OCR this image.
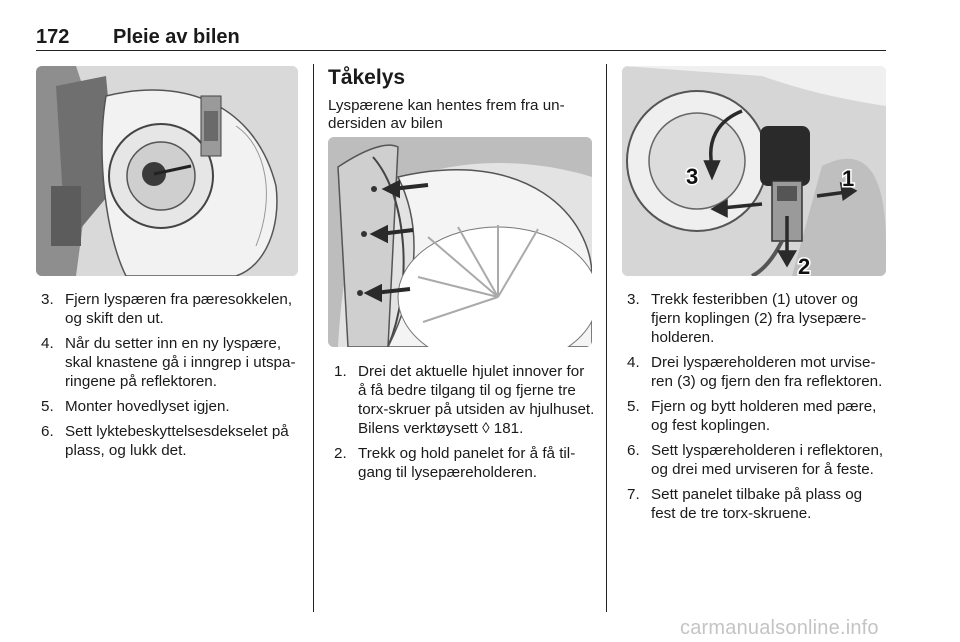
172 Pleie av bilen
3. Fjern lyspæren fra pæresokkelen, og skift den ut.
4. Når du setter inn en ny lyspære, skal knastene gå i inngrep i utsparingene på reflektoren.
5. Monter hovedlyset igjen.
6. Sett lyktebeskyttelsesdekselet på plass, og lukk det.
Tåkelys
Lyspærene kan hentes frem fra undersiden av bilen
1. Drei det aktuelle hjulet innover for å få bedre tilgang til og fjerne tre torx-skruer på utsiden av hjulhuset. Bilens verktøysett ◊ 181.
2. Trekk og hold panelet for å få tilgang til lysepæreholderen.
1
2
3
3. Trekk festeribben (1) utover og fjern koplingen (2) fra lysepæreholderen.
4. Drei lyspæreholderen mot urviseren (3) og fjern den fra reflektoren.
5. Fjern og bytt holderen med pære, og fest koplingen.
6. Sett lyspæreholderen i reflektoren, og drei med urviseren for å feste.
7. Sett panelet tilbake på plass og fest de tre torx-skruene.
carmanualsonline.info
